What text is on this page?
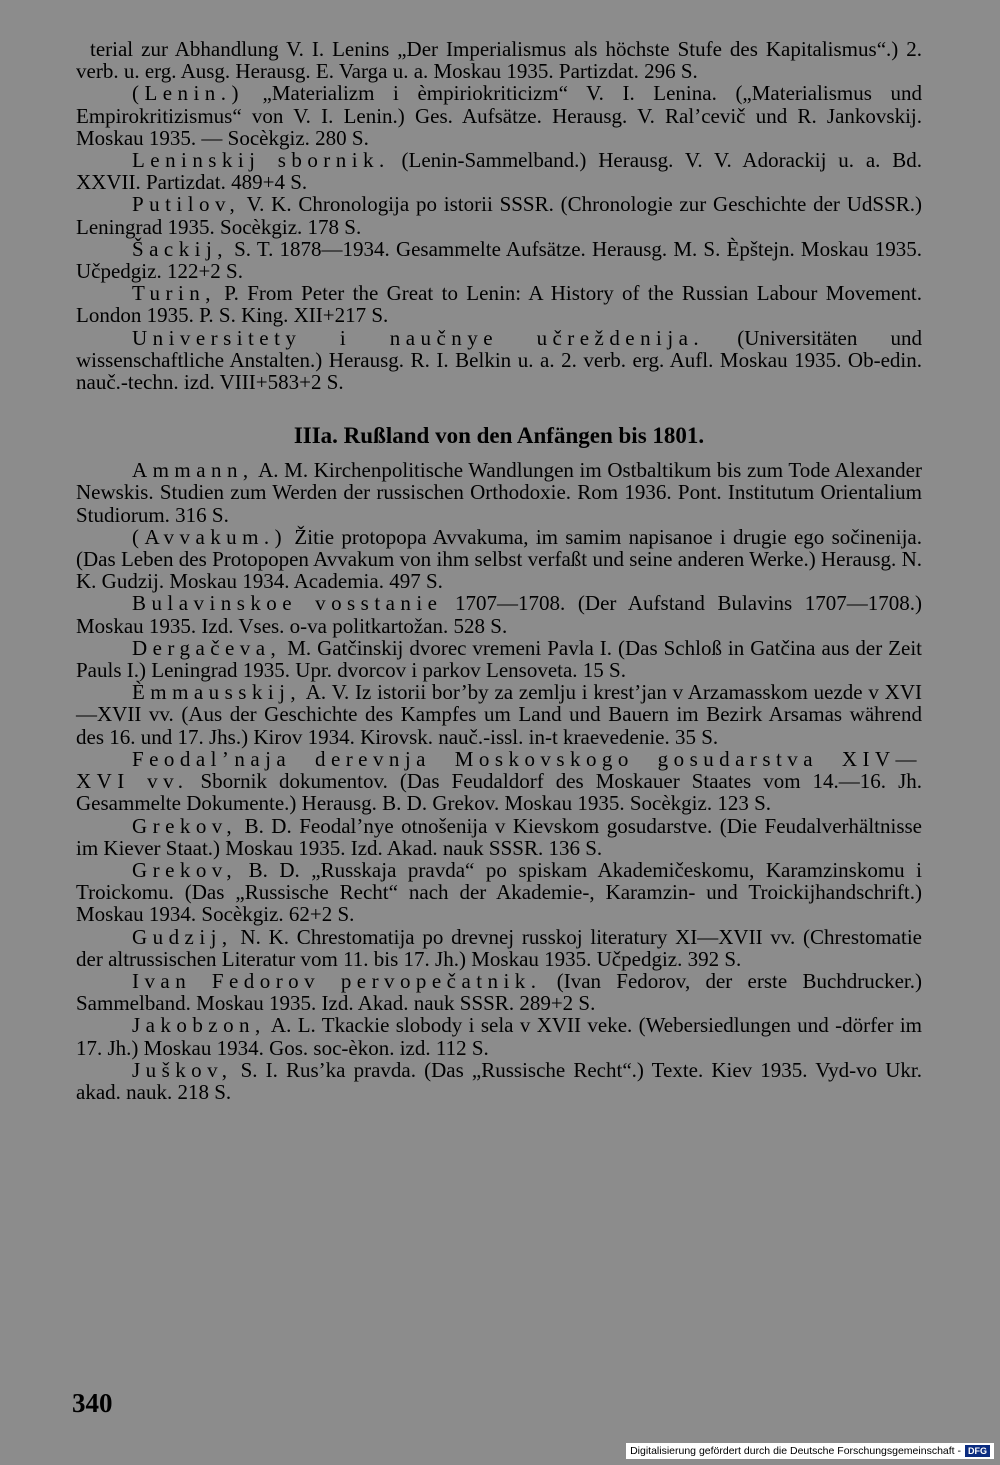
terial zur Abhandlung V. I. Lenins „Der Imperialismus als höchste Stufe des Kapitalismus“.) 2. verb. u. erg. Ausg. Herausg. E. Varga u. a. Moskau 1935. Partizdat. 296 S.

(Lenin.) „Materializm i èmpiriokriticizm“ V. I. Lenina. („Materialismus und Empirokritizismus“ von V. I. Lenin.) Ges. Aufsätze. Herausg. V. Ral’cevič und R. Jankovskij. Moskau 1935. — Socèkgiz. 280 S.

Leninskij sbornik. (Lenin-Sammelband.) Herausg. V. V. Adorackij u. a. Bd. XXVII. Partizdat. 489+4 S.

Putilov, V. K. Chronologija po istorii SSSR. (Chronologie zur Geschichte der UdSSR.) Leningrad 1935. Socèkgiz. 178 S.

Šackij, S. T. 1878—1934. Gesammelte Aufsätze. Herausg. M. S. Èpštejn. Moskau 1935. Učpedgiz. 122+2 S.

Turin, P. From Peter the Great to Lenin: A History of the Russian Labour Movement. London 1935. P. S. King. XII+217 S.

Universitety i naučnye učreždenija. (Universitäten und wissenschaftliche Anstalten.) Herausg. R. I. Belkin u. a. 2. verb. erg. Aufl. Moskau 1935. Ob-edin. nauč.-techn. izd. VIII+583+2 S.

IIIa. Rußland von den Anfängen bis 1801.

Ammann, A. M. Kirchenpolitische Wandlungen im Ostbaltikum bis zum Tode Alexander Newskis. Studien zum Werden der russischen Orthodoxie. Rom 1936. Pont. Institutum Orientalium Studiorum. 316 S.

(Avvakum.) Žitie protopopa Avvakuma, im samim napisanoe i drugie ego sočinenija. (Das Leben des Protopopen Avvakum von ihm selbst verfaßt und seine anderen Werke.) Herausg. N. K. Gudzij. Moskau 1934. Academia. 497 S.

Bulavinskoe vosstanie 1707—1708. (Der Aufstand Bulavins 1707—1708.) Moskau 1935. Izd. Vses. o-va politkartožan. 528 S.

Dergačeva, M. Gatčinskij dvorec vremeni Pavla I. (Das Schloß in Gatčina aus der Zeit Pauls I.) Leningrad 1935. Upr. dvorcov i parkov Lensoveta. 15 S.

Èmmausskij, A. V. Iz istorii bor’by za zemlju i krest’jan v Arzamasskom uezde v XVI—XVII vv. (Aus der Geschichte des Kampfes um Land und Bauern im Bezirk Arsamas während des 16. und 17. Jhs.) Kirov 1934. Kirovsk. nauč.-issl. in-t kraevedenie. 35 S.

Feodal’naja derevnja Moskovskogo gosudarstva XIV—XVI vv. Sbornik dokumentov. (Das Feudaldorf des Moskauer Staates vom 14.—16. Jh. Gesammelte Dokumente.) Herausg. B. D. Grekov. Moskau 1935. Socèkgiz. 123 S.

Grekov, B. D. Feodal’nye otnošenija v Kievskom gosudarstve. (Die Feudalverhältnisse im Kiever Staat.) Moskau 1935. Izd. Akad. nauk SSSR. 136 S.

Grekov, B. D. „Russkaja pravda“ po spiskam Akademičeskomu, Karamzinskomu i Troickomu. (Das „Russische Recht“ nach der Akademie-, Karamzin- und Troickijhandschrift.) Moskau 1934. Socèkgiz. 62+2 S.

Gudzij, N. K. Chrestomatija po drevnej russkoj literatury XI—XVII vv. (Chrestomatie der altrussischen Literatur vom 11. bis 17. Jh.) Moskau 1935. Učpedgiz. 392 S.

Ivan Fedorov pervopečatnik. (Ivan Fedorov, der erste Buchdrucker.) Sammelband. Moskau 1935. Izd. Akad. nauk SSSR. 289+2 S.

Jakobzon, A. L. Tkackie slobody i sela v XVII veke. (Webersiedlungen und -dörfer im 17. Jh.) Moskau 1934. Gos. soc-èkon. izd. 112 S.

Juškov, S. I. Rus’ka pravda. (Das „Russische Recht“.) Texte. Kiev 1935. Vyd-vo Ukr. akad. nauk. 218 S.

340
Digitalisierung gefördert durch die Deutsche Forschungsgemeinschaft - DFG
